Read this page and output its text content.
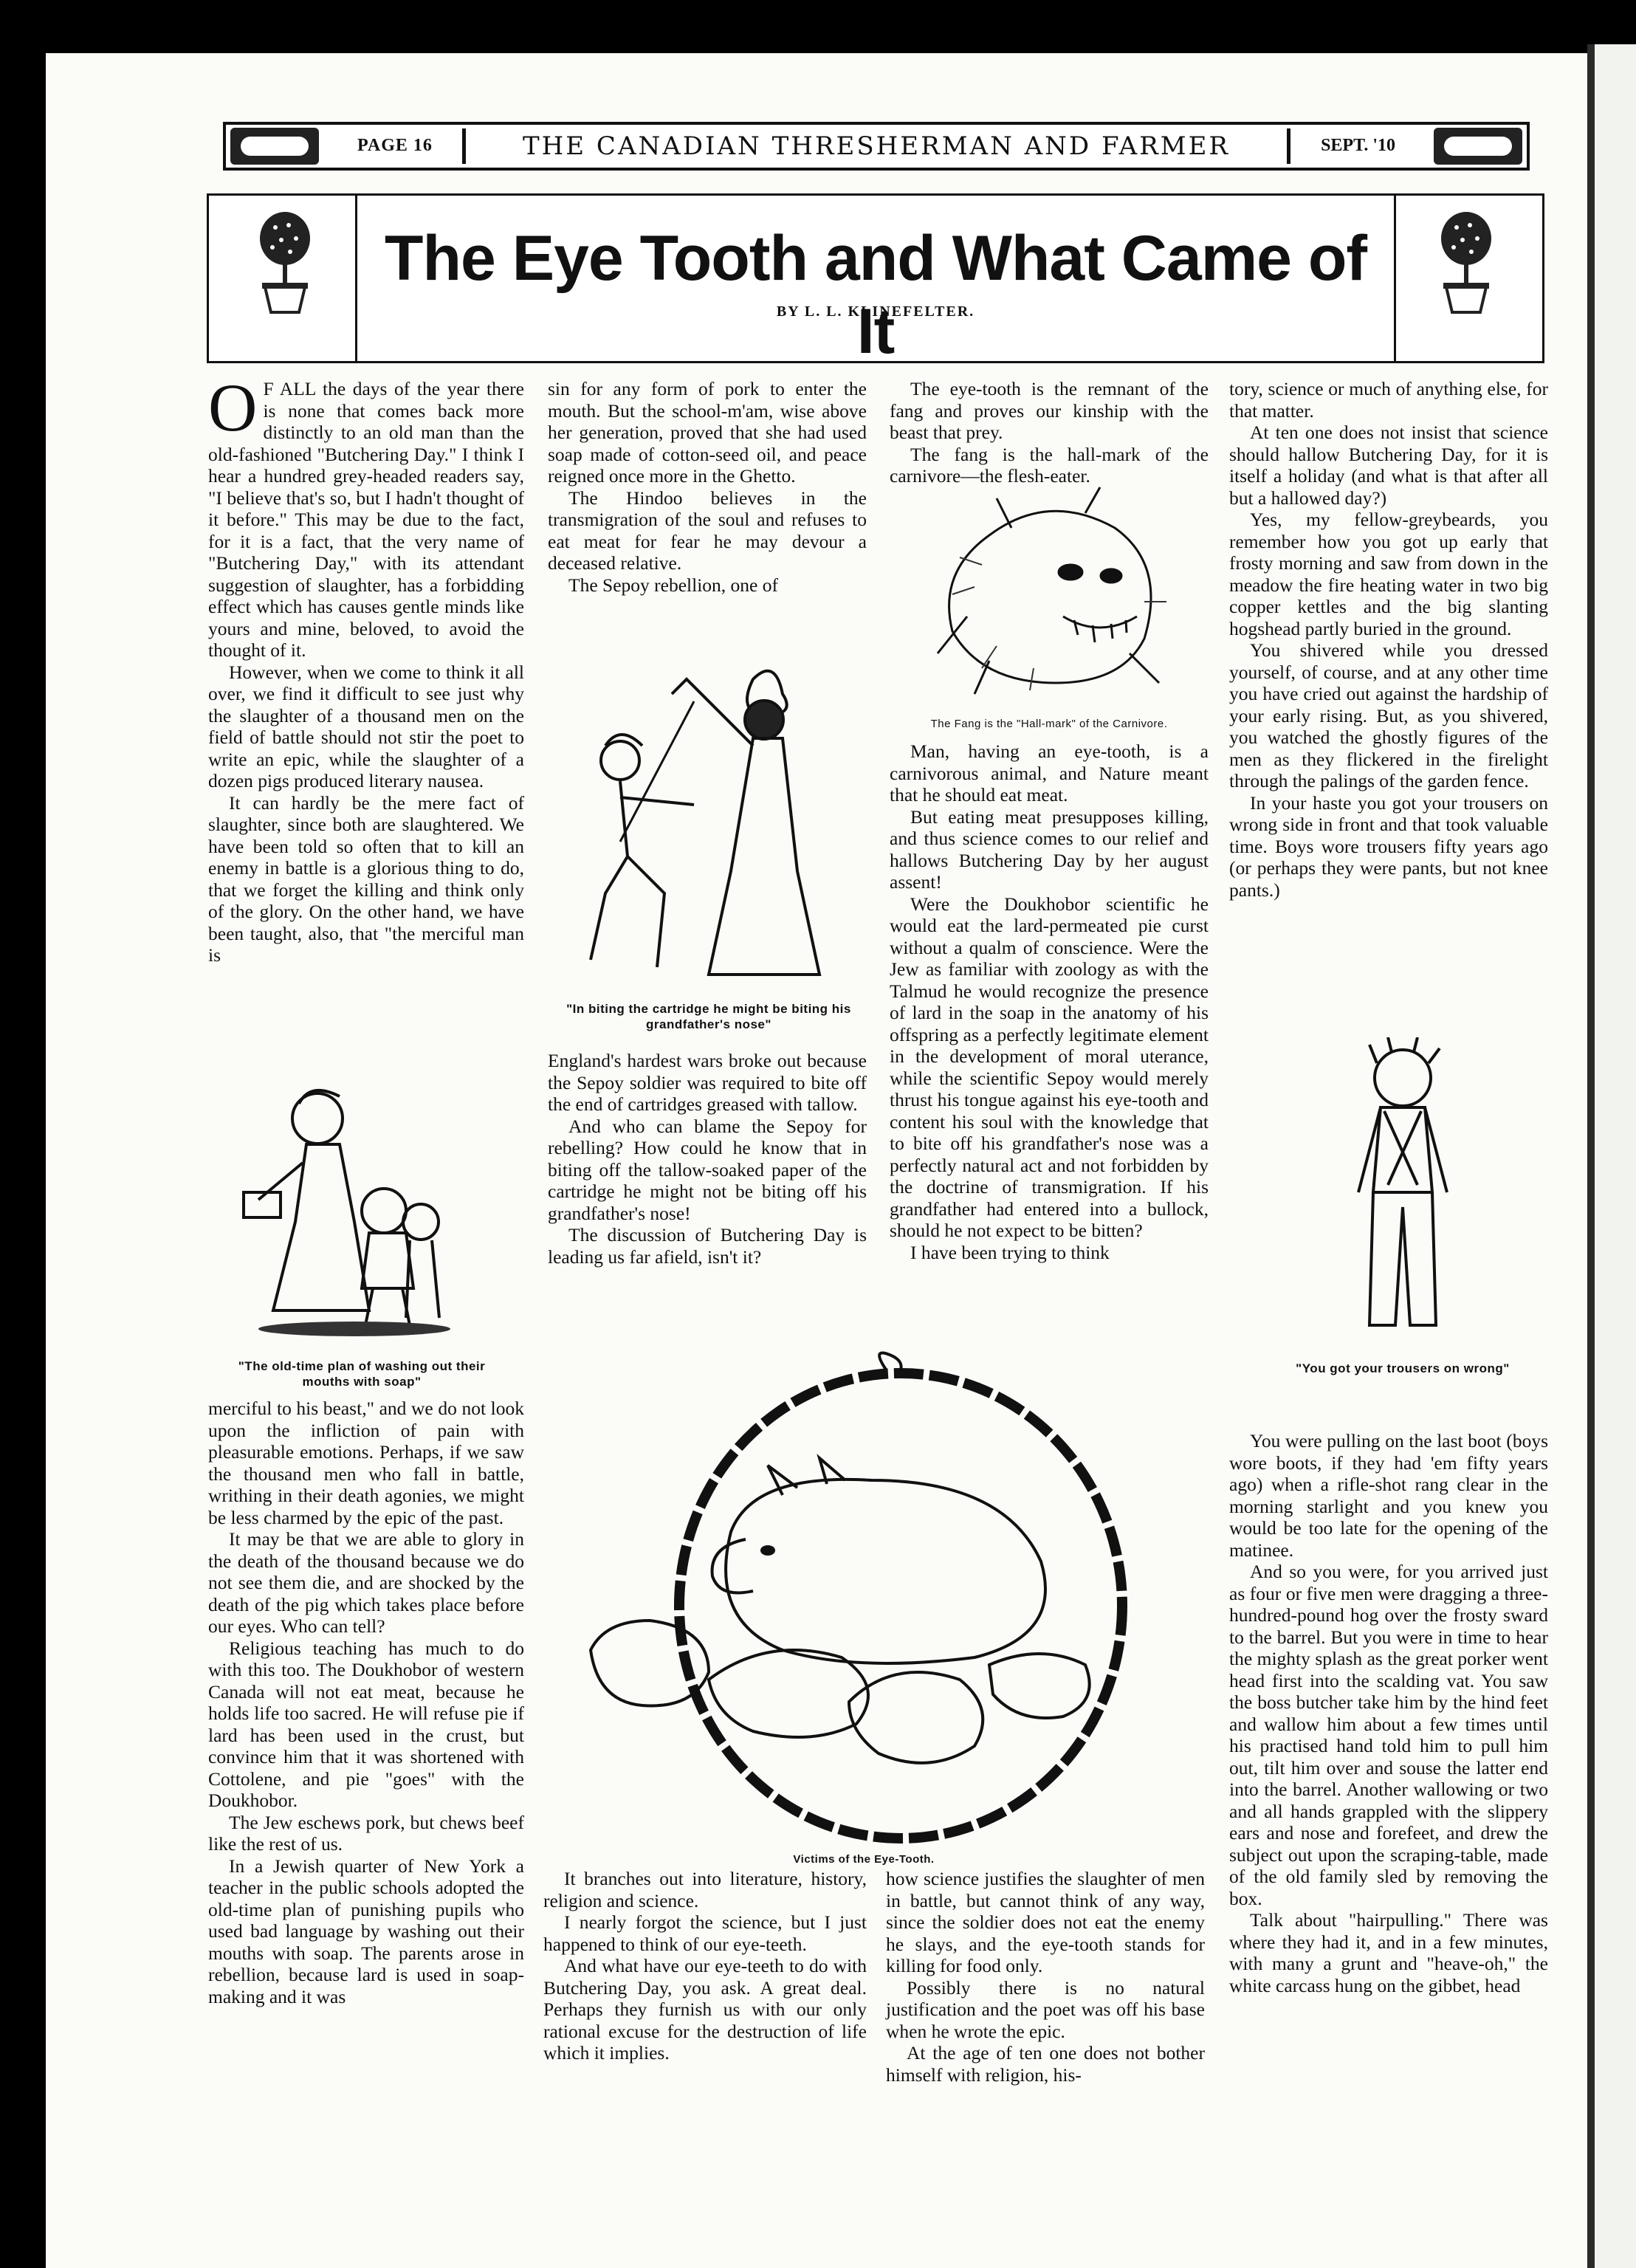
PAGE 16	THE CANADIAN THRESHERMAN AND FARMER	SEPT. '10
The Eye Tooth and What Came of It
BY L. L. KLINEFELTER.

O F ALL the days of the year there is none that comes back more distinctly to an old man than the old-fashioned "Butchering Day." I think I hear a hundred grey-headed readers say, "I believe that's so, but I hadn't thought of it before." This may be due to the fact, for it is a fact, that the very name of "Butchering Day," with its attendant suggestion of slaughter, has a forbidding effect which has causes gentle minds like yours and mine, beloved, to avoid the thought of it.

However, when we come to think it all over, we find it difficult to see just why the slaughter of a thousand men on the field of battle should not stir the poet to write an epic, while the slaughter of a dozen pigs produced literary nausea.

It can hardly be the mere fact of slaughter, since both are slaughtered. We have been told so often that to kill an enemy in battle is a glorious thing to do, that we forget the killing and think only of the glory. On the other hand, we have been taught, also, that "the merciful man is

"The old-time plan of washing out their mouths with soap"

merciful to his beast," and we do not look upon the infliction of pain with pleasurable emotions. Perhaps, if we saw the thousand men who fall in battle, writhing in their death agonies, we might be less charmed by the epic of the past.

It may be that we are able to glory in the death of the thousand because we do not see them die, and are shocked by the death of the pig which takes place before our eyes. Who can tell?

Religious teaching has much to do with this too. The Doukhobor of western Canada will not eat meat, because he holds life too sacred. He will refuse pie if lard has been used in the crust, but convince him that it was shortened with Cottolene, and pie "goes" with the Doukhobor.

The Jew eschews pork, but chews beef like the rest of us.

In a Jewish quarter of New York a teacher in the public schools adopted the old-time plan of punishing pupils who used bad language by washing out their mouths with soap. The parents arose in rebellion, because lard is used in soap-making and it was

sin for any form of pork to enter the mouth. But the school-m'am, wise above her generation, proved that she had used soap made of cotton-seed oil, and peace reigned once more in the Ghetto.

The Hindoo believes in the transmigration of the soul and refuses to eat meat for fear he may devour a deceased relative.

The Sepoy rebellion, one of

"In biting the cartridge he might be biting his grandfather's nose"

England's hardest wars broke out because the Sepoy soldier was required to bite off the end of cartridges greased with tallow.

And who can blame the Sepoy for rebelling? How could he know that in biting off the tallow-soaked paper of the cartridge he might not be biting off his grandfather's nose!

The discussion of Butchering Day is leading us far afield, isn't it?

The eye-tooth is the remnant of the fang and proves our kinship with the beast that prey.

The fang is the hall-mark of the carnivore—the flesh-eater.

The Fang is the "Hall-mark" of the Carnivore.

Man, having an eye-tooth, is a carnivorous animal, and Nature meant that he should eat meat.

But eating meat presupposes killing, and thus science comes to our relief and hallows Butchering Day by her august assent!

Were the Doukhobor scientific he would eat the lard-permeated pie curst without a qualm of conscience. Were the Jew as familiar with zoology as with the Talmud he would recognize the presence of lard in the soap in the anatomy of his offspring as a perfectly legitimate element in the development of moral uterance, while the scientific Sepoy would merely thrust his tongue against his eye-tooth and content his soul with the knowledge that to bite off his grandfather's nose was a perfectly natural act and not forbidden by the doctrine of transmigration. If his grandfather had entered into a bullock, should he not expect to be bitten?

I have been trying to think

Victims of the Eye-Tooth.

It branches out into literature, history, religion and science.

I nearly forgot the science, but I just happened to think of our eye-teeth.

And what have our eye-teeth to do with Butchering Day, you ask. A great deal. Perhaps they furnish us with our only rational excuse for the destruction of life which it implies.

how science justifies the slaughter of men in battle, but cannot think of any way, since the soldier does not eat the enemy he slays, and the eye-tooth stands for killing for food only.

Possibly there is no natural justification and the poet was off his base when he wrote the epic.

At the age of ten one does not bother himself with religion, his-

tory, science or much of anything else, for that matter.

At ten one does not insist that science should hallow Butchering Day, for it is itself a holiday (and what is that after all but a hallowed day?)

Yes, my fellow-greybeards, you remember how you got up early that frosty morning and saw from down in the meadow the fire heating water in two big copper kettles and the big slanting hogshead partly buried in the ground.

You shivered while you dressed yourself, of course, and at any other time you have cried out against the hardship of your early rising. But, as you shivered, you watched the ghostly figures of the men as they flickered in the firelight through the palings of the garden fence.

In your haste you got your trousers on wrong side in front and that took valuable time. Boys wore trousers fifty years ago (or perhaps they were pants, but not knee pants.)

"You got your trousers on wrong"

You were pulling on the last boot (boys wore boots, if they had 'em fifty years ago) when a rifle-shot rang clear in the morning starlight and you knew you would be too late for the opening of the matinee.

And so you were, for you arrived just as four or five men were dragging a three-hundred-pound hog over the frosty sward to the barrel. But you were in time to hear the mighty splash as the great porker went head first into the scalding vat. You saw the boss butcher take him by the hind feet and wallow him about a few times until his practised hand told him to pull him out, tilt him over and souse the latter end into the barrel. Another wallowing or two and all hands grappled with the slippery ears and nose and forefeet, and drew the subject out upon the scraping-table, made of the old family sled by removing the box.

Talk about "hairpulling." There was where they had it, and in a few minutes, with many a grunt and "heave-oh," the white carcass hung on the gibbet, head
